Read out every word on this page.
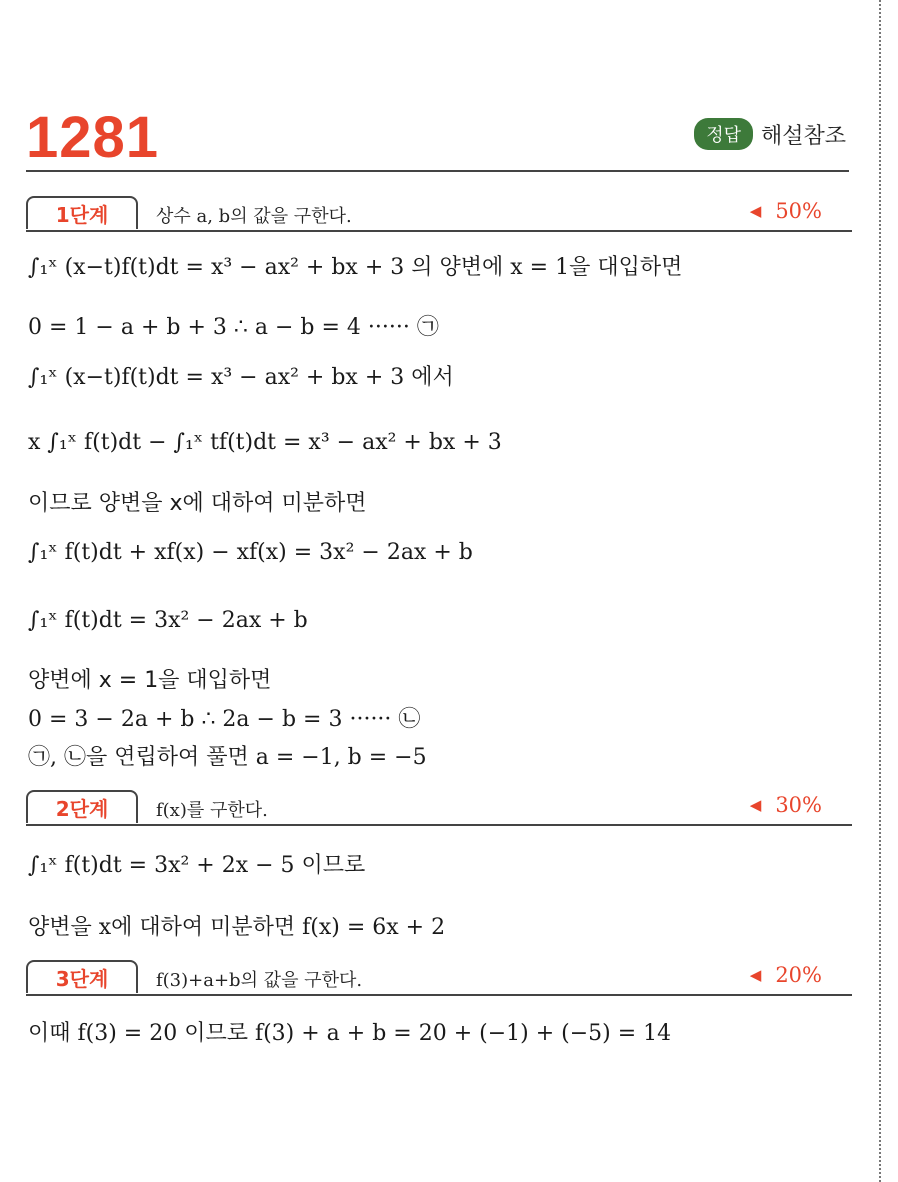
1281	정답 해설참조
1단계	상수 a, b의 값을 구한다.	◀ 50%
∫₁ˣ (x−t)f(t)dt = x³ − ax² + bx + 3 의 양변에 x = 1을 대입하면
0 = 1 − a + b + 3 ∴ a − b = 4 ······ ㉠
∫₁ˣ (x−t)f(t)dt = x³ − ax² + bx + 3 에서
x ∫₁ˣ f(t)dt − ∫₁ˣ tf(t)dt = x³ − ax² + bx + 3
이므로 양변을 x에 대하여 미분하면
∫₁ˣ f(t)dt + xf(x) − xf(x) = 3x² − 2ax + b
∫₁ˣ f(t)dt = 3x² − 2ax + b
양변에 x = 1을 대입하면
0 = 3 − 2a + b ∴ 2a − b = 3 ······ ㉡
㉠, ㉡을 연립하여 풀면 a = −1, b = −5
2단계	f(x)를 구한다.	◀ 30%
∫₁ˣ f(t)dt = 3x² + 2x − 5 이므로
양변을 x에 대하여 미분하면 f(x) = 6x + 2
3단계	f(3)+a+b의 값을 구한다.	◀ 20%
이때 f(3) = 20 이므로 f(3) + a + b = 20 + (−1) + (−5) = 14
